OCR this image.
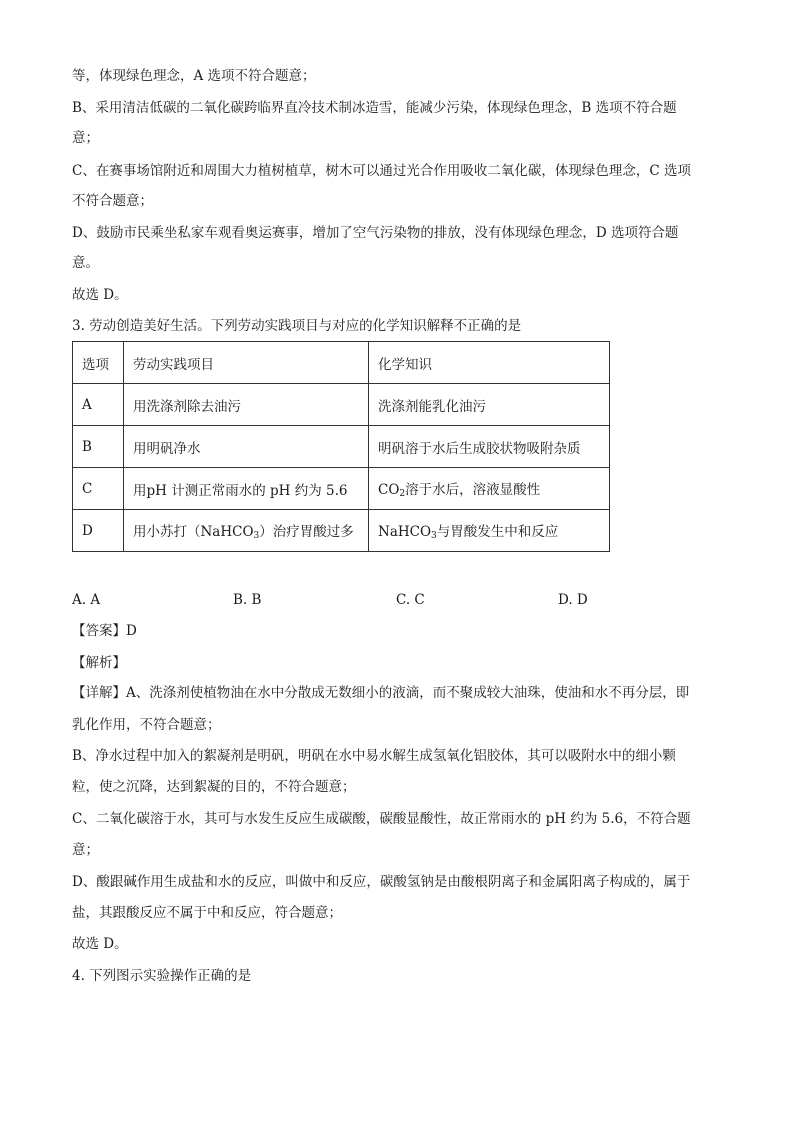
等，体现绿色理念，A 选项不符合题意；
B、采用清洁低碳的二氧化碳跨临界直冷技术制冰造雪，能减少污染，体现绿色理念，B 选项不符合题
意；
C、在赛事场馆附近和周围大力植树植草，树木可以通过光合作用吸收二氧化碳，体现绿色理念，C 选项
不符合题意；
D、鼓励市民乘坐私家车观看奥运赛事，增加了空气污染物的排放，没有体现绿色理念，D 选项符合题
意。
故选 D。
3. 劳动创造美好生活。下列劳动实践项目与对应的化学知识解释不正确的是
选项	劳动实践项目	化学知识
A	用洗涤剂除去油污	洗涤剂能乳化油污
B	用明矾净水	明矾溶于水后生成胶状物吸附杂质
C	用pH 计测正常雨水的 pH 约为 5.6	$CO_2$溶于水后，溶液显酸性
D	用小苏打（NaHCO$_3$）治疗胃酸过多	NaHCO$_3$与胃酸发生中和反应
A. A	B. B	C. C	D. D
【答案】D
【解析】
【详解】A、洗涤剂使植物油在水中分散成无数细小的液滴，而不聚成较大油珠，使油和水不再分层，即
乳化作用，不符合题意；
B、净水过程中加入的絮凝剂是明矾，明矾在水中易水解生成氢氧化铝胶体，其可以吸附水中的细小颗
粒，使之沉降，达到絮凝的目的，不符合题意；
C、二氧化碳溶于水，其可与水发生反应生成碳酸，碳酸显酸性，故正常雨水的 pH 约为 5.6，不符合题
意；
D、酸跟碱作用生成盐和水的反应，叫做中和反应，碳酸氢钠是由酸根阴离子和金属阳离子构成的，属于
盐，其跟酸反应不属于中和反应，符合题意；
故选 D。
4. 下列图示实验操作正确的是
